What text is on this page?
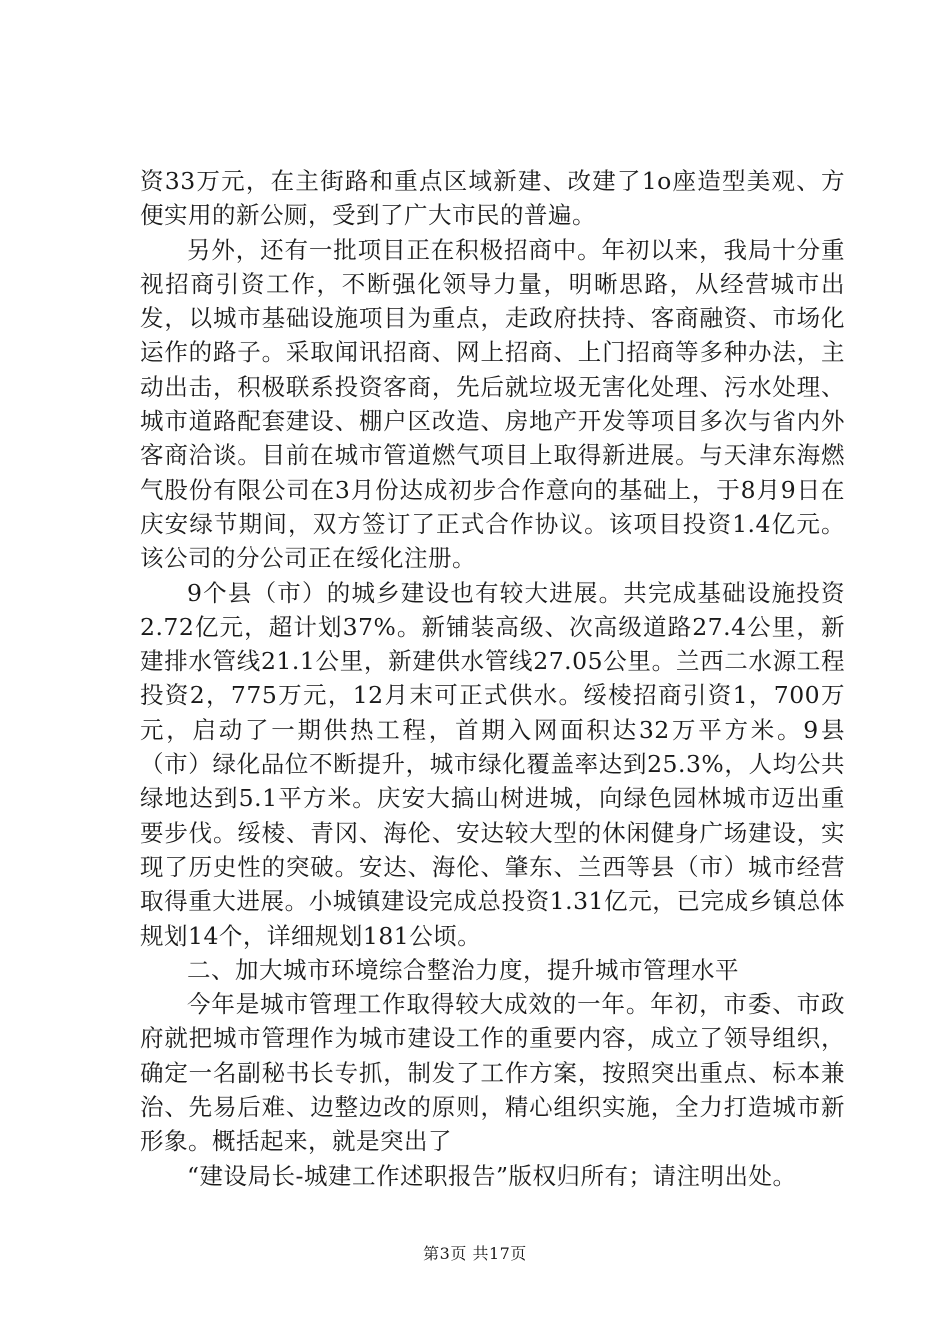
资33万元，在主街路和重点区域新建、改建了1o座造型美观、方便实用的新公厕，受到了广大市民的普遍。

另外，还有一批项目正在积极招商中。年初以来，我局十分重视招商引资工作，不断强化领导力量，明晰思路，从经营城市出发，以城市基础设施项目为重点，走政府扶持、客商融资、市场化运作的路子。采取闻讯招商、网上招商、上门招商等多种办法，主动出击，积极联系投资客商，先后就垃圾无害化处理、污水处理、城市道路配套建设、棚户区改造、房地产开发等项目多次与省内外客商洽谈。目前在城市管道燃气项目上取得新进展。与天津东海燃气股份有限公司在3月份达成初步合作意向的基础上，于8月9日在庆安绿节期间，双方签订了正式合作协议。该项目投资1.4亿元。该公司的分公司正在绥化注册。

9个县（市）的城乡建设也有较大进展。共完成基础设施投资2.72亿元，超计划37%。新铺装高级、次高级道路27.4公里，新建排水管线21.1公里，新建供水管线27.05公里。兰西二水源工程投资2，775万元，12月末可正式供水。绥棱招商引资1，700万元，启动了一期供热工程，首期入网面积达32万平方米。9县（市）绿化品位不断提升，城市绿化覆盖率达到25.3%，人均公共绿地达到5.1平方米。庆安大搞山树进城，向绿色园林城市迈出重要步伐。绥棱、青冈、海伦、安达较大型的休闲健身广场建设，实现了历史性的突破。安达、海伦、肇东、兰西等县（市）城市经营取得重大进展。小城镇建设完成总投资1.31亿元，已完成乡镇总体规划14个，详细规划181公顷。

二、加大城市环境综合整治力度，提升城市管理水平

今年是城市管理工作取得较大成效的一年。年初，市委、市政府就把城市管理作为城市建设工作的重要内容，成立了领导组织，确定一名副秘书长专抓，制发了工作方案，按照突出重点、标本兼治、先易后难、边整边改的原则，精心组织实施，全力打造城市新形象。概括起来，就是突出了

“建设局长-城建工作述职报告”版权归所有；请注明出处。

第3页 共17页
